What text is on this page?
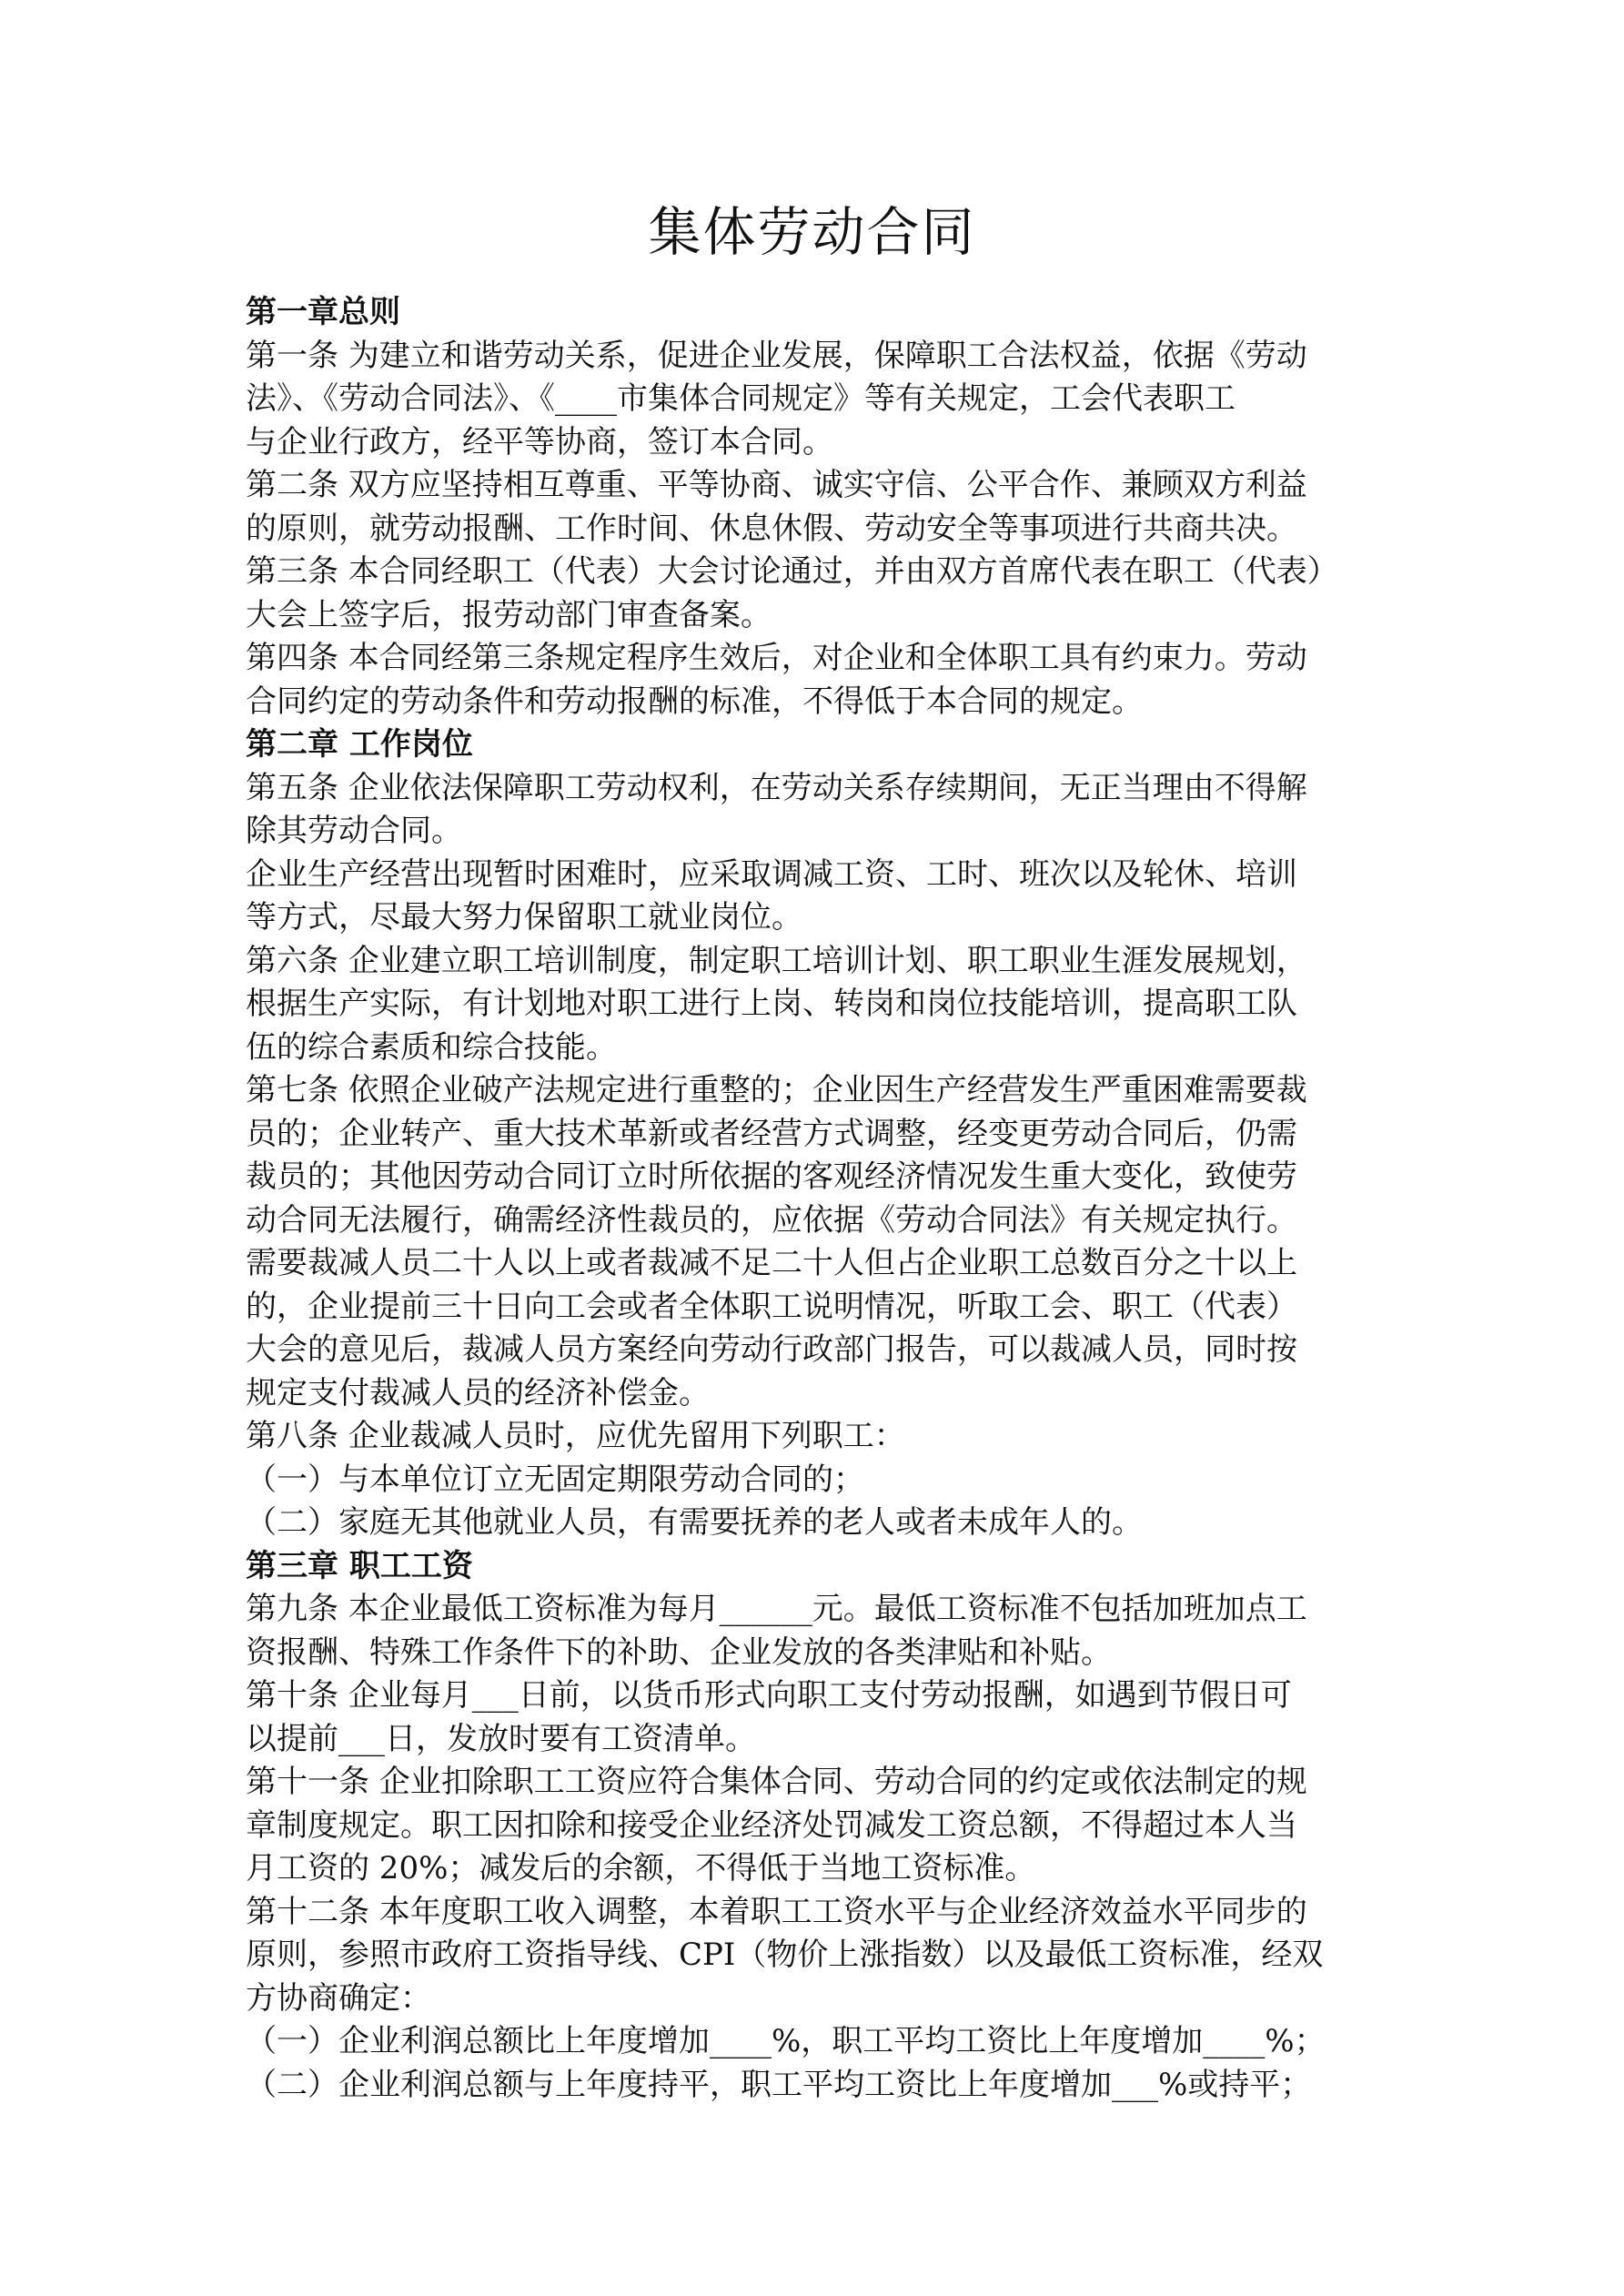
集体劳动合同

第一章总则

第一条 为建立和谐劳动关系，促进企业发展，保障职工合法权益，依据《劳动

法》、《劳动合同法》、《____市集体合同规定》等有关规定，工会代表职工

与企业行政方，经平等协商，签订本合同。

第二条 双方应坚持相互尊重、平等协商、诚实守信、公平合作、兼顾双方利益

的原则，就劳动报酬、工作时间、休息休假、劳动安全等事项进行共商共决。

第三条 本合同经职工（代表）大会讨论通过，并由双方首席代表在职工（代表）

大会上签字后，报劳动部门审查备案。

第四条 本合同经第三条规定程序生效后，对企业和全体职工具有约束力。劳动

合同约定的劳动条件和劳动报酬的标准，不得低于本合同的规定。

第二章 工作岗位

第五条 企业依法保障职工劳动权利，在劳动关系存续期间，无正当理由不得解

除其劳动合同。

企业生产经营出现暂时困难时，应采取调减工资、工时、班次以及轮休、培训

等方式，尽最大努力保留职工就业岗位。

第六条 企业建立职工培训制度，制定职工培训计划、职工职业生涯发展规划，

根据生产实际，有计划地对职工进行上岗、转岗和岗位技能培训，提高职工队

伍的综合素质和综合技能。

第七条 依照企业破产法规定进行重整的；企业因生产经营发生严重困难需要裁

员的；企业转产、重大技术革新或者经营方式调整，经变更劳动合同后，仍需

裁员的；其他因劳动合同订立时所依据的客观经济情况发生重大变化，致使劳

动合同无法履行，确需经济性裁员的，应依据《劳动合同法》有关规定执行。

需要裁减人员二十人以上或者裁减不足二十人但占企业职工总数百分之十以上

的，企业提前三十日向工会或者全体职工说明情况，听取工会、职工（代表）

大会的意见后，裁减人员方案经向劳动行政部门报告，可以裁减人员，同时按

规定支付裁减人员的经济补偿金。

第八条 企业裁减人员时，应优先留用下列职工：

（一）与本单位订立无固定期限劳动合同的；

（二）家庭无其他就业人员，有需要抚养的老人或者未成年人的。

第三章 职工工资

第九条 本企业最低工资标准为每月______元。最低工资标准不包括加班加点工

资报酬、特殊工作条件下的补助、企业发放的各类津贴和补贴。

第十条 企业每月___日前，以货币形式向职工支付劳动报酬，如遇到节假日可

以提前___日，发放时要有工资清单。

第十一条 企业扣除职工工资应符合集体合同、劳动合同的约定或依法制定的规

章制度规定。职工因扣除和接受企业经济处罚减发工资总额，不得超过本人当

月工资的 20%；减发后的余额，不得低于当地工资标准。

第十二条 本年度职工收入调整，本着职工工资水平与企业经济效益水平同步的

原则，参照市政府工资指导线、CPI（物价上涨指数）以及最低工资标准，经双

方协商确定：

（一）企业利润总额比上年度增加____%，职工平均工资比上年度增加____%；

（二）企业利润总额与上年度持平，职工平均工资比上年度增加___%或持平；
